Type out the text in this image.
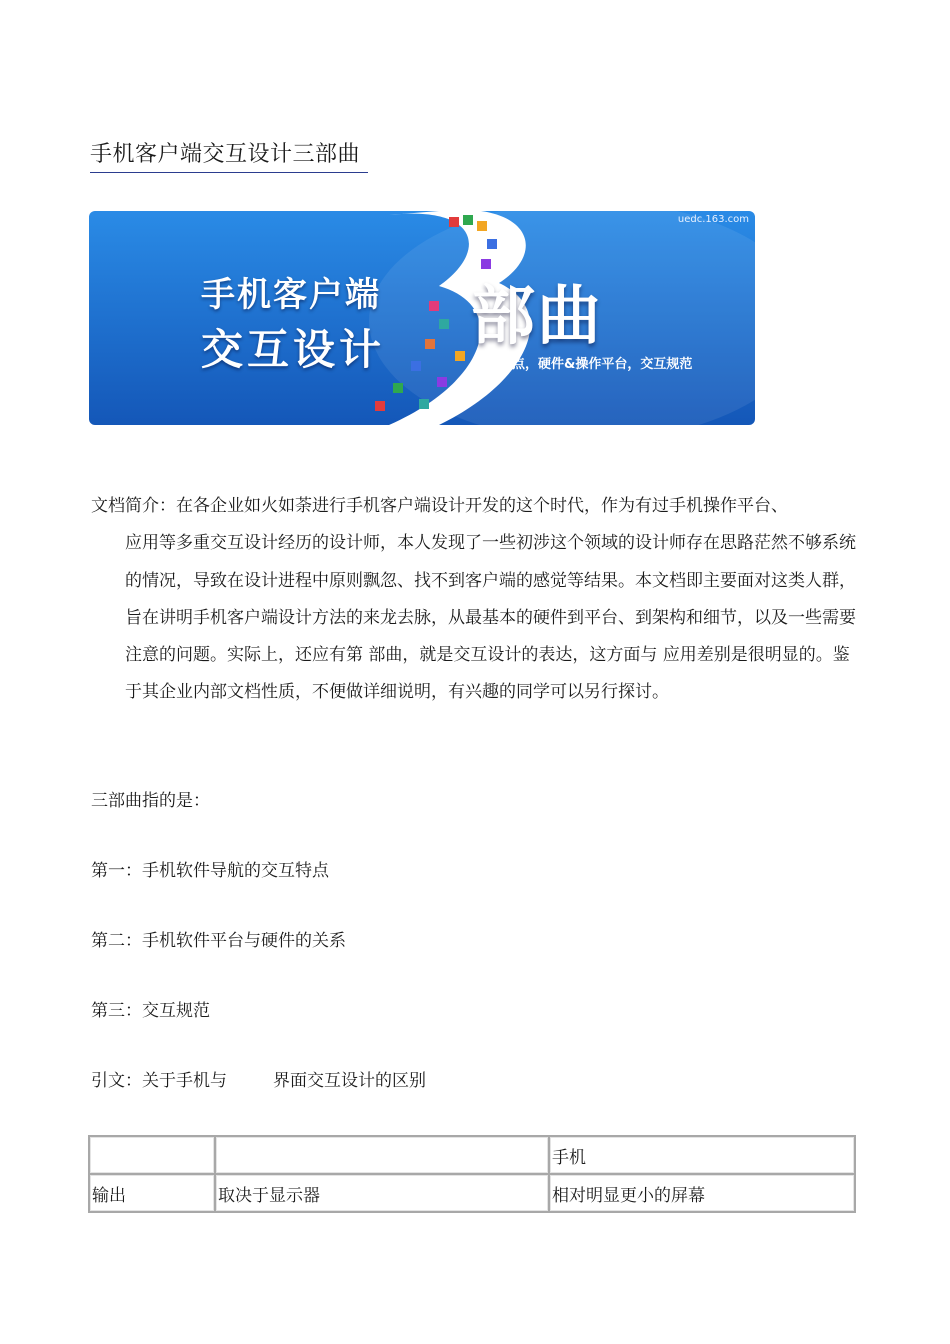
手机客户端交互设计三部曲
uedc.163.com
手机客户端
交互设计 部曲
导航特点，硬件&操作平台，交互规范

文档简介：在各企业如火如荼进行手机客户端设计开发的这个时代，作为有过手机操作平台、

应用等多重交互设计经历的设计师，本人发现了一些初涉这个领域的设计师存在思路茫然不够系统的情况，导致在设计进程中原则飘忽、找不到客户端的感觉等结果。本文档即主要面对这类人群，旨在讲明手机客户端设计方法的来龙去脉，从最基本的硬件到平台、到架构和细节，以及一些需要注意的问题。实际上，还应有第 部曲，就是交互设计的表达，这方面与 应用差别是很明显的。鉴于其企业内部文档性质，不便做详细说明，有兴趣的同学可以另行探讨。

三部曲指的是：
第一：手机软件导航的交互特点
第二：手机软件平台与硬件的关系
第三：交互规范
引文：关于手机与	界面交互设计的区别
		手机
输出	取决于显示器	相对明显更小的屏幕
